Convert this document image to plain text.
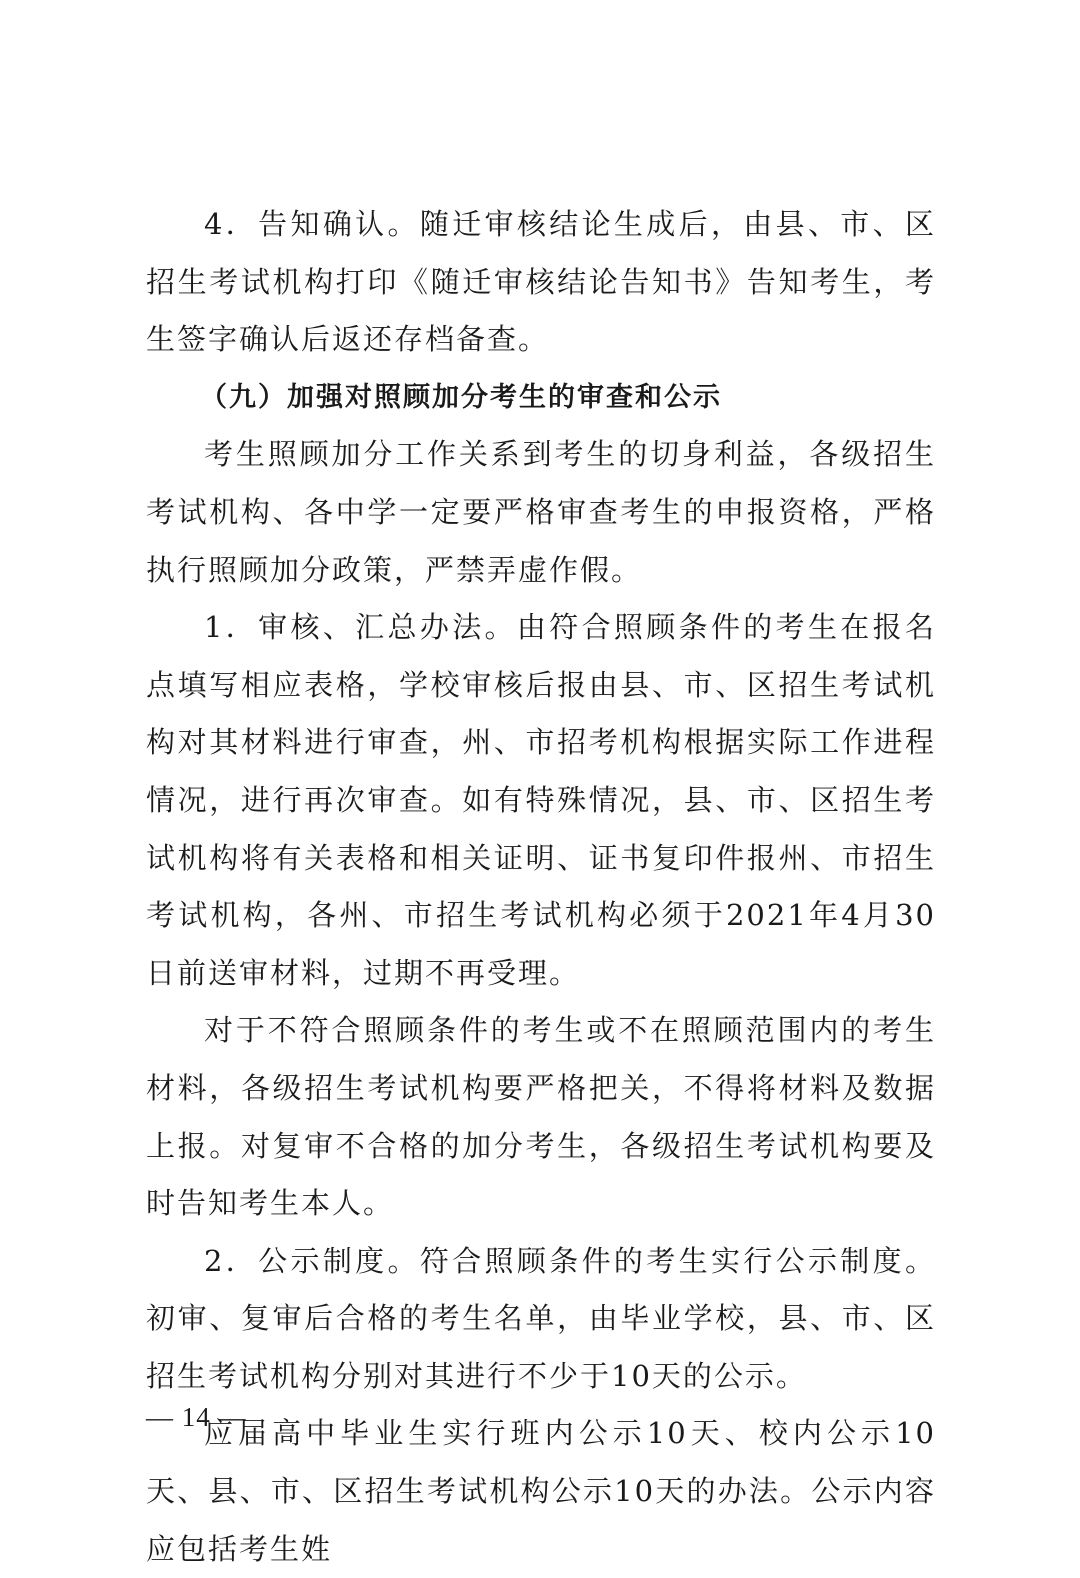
4．告知确认。随迁审核结论生成后，由县、市、区招生考试机构打印《随迁审核结论告知书》告知考生，考生签字确认后返还存档备查。

（九）加强对照顾加分考生的审查和公示

考生照顾加分工作关系到考生的切身利益，各级招生考试机构、各中学一定要严格审查考生的申报资格，严格执行照顾加分政策，严禁弄虚作假。

1．审核、汇总办法。由符合照顾条件的考生在报名点填写相应表格，学校审核后报由县、市、区招生考试机构对其材料进行审查，州、市招考机构根据实际工作进程情况，进行再次审查。如有特殊情况，县、市、区招生考试机构将有关表格和相关证明、证书复印件报州、市招生考试机构，各州、市招生考试机构必须于2021年4月30日前送审材料，过期不再受理。

对于不符合照顾条件的考生或不在照顾范围内的考生材料，各级招生考试机构要严格把关，不得将材料及数据上报。对复审不合格的加分考生，各级招生考试机构要及时告知考生本人。

2．公示制度。符合照顾条件的考生实行公示制度。初审、复审后合格的考生名单，由毕业学校，县、市、区招生考试机构分别对其进行不少于10天的公示。

应届高中毕业生实行班内公示10天、校内公示10天、县、市、区招生考试机构公示10天的办法。公示内容应包括考生姓

— 14 —
